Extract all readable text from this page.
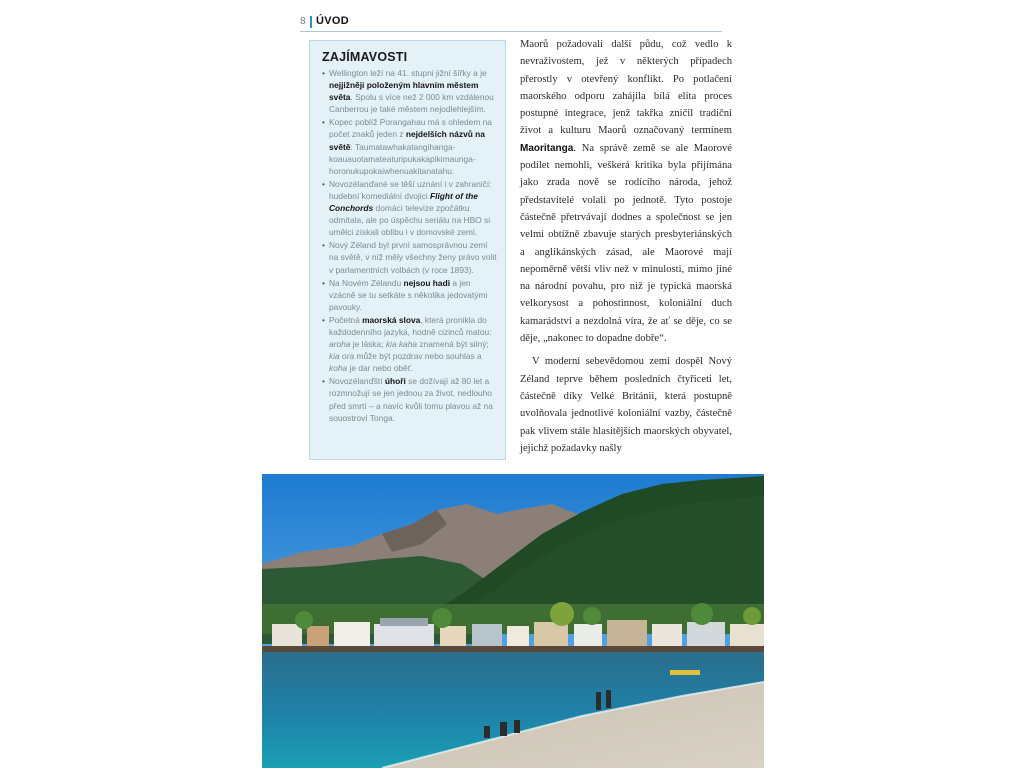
8 ÚVOD
ZAJÍMAVOSTI
• Wellington leží na 41. stupni jižní šířky a je nejjižněji položeným hlavním městem světa. Spolu s více než 2 000 km vzdálenou Canberrou je také městem nejodlehlejším.
• Kopec poblíž Porangahau má s ohledem na počet znaků jeden z nejdelších názvů na světě: Taumatawhakatangihanga-koauauotamateaturipukakapikimaunga-horonukupokaiwhenuakitanatahu.
• Novozélanďané se těší uznání i v zahraničí: hudební komediální dvojici Flight of the Conchords domácí televize zpočátku odmítala, ale po úspěchu seriálu na HBO si umělci získali oblibu i v domovské zemi.
• Nový Zéland byl první samosprávnou zemí na světě, v níž měly všechny ženy právo volit v parlamentních volbách (v roce 1893).
• Na Novém Zélandu nejsou hadi a jen vzácně se tu setkáte s několika jedovatými pavouky.
• Početná maorská slova, která pronikla do každodenního jazyka, hodně cizinců matou: aroha je láska; kia kaha znamená být silný; kia ora může být pozdrav nebo souhlas a koha je dar nebo oběť.
• Novozélanďští úhoři se dožívají až 80 let a rozmnožují se jen jednou za život, nedlouho před smrtí – a navíc kvůli tomu plavou až na souostroví Tonga.

Maorů požadovali další půdu, což vedlo k nevraživostem, jež v některých případech přerostly v otevřený konflikt. Po potlačení maorského odporu zahájila bílá elita proces postupné integrace, jenž takřka zničil tradiční život a kulturu Maorů označovaný termínem Maoritanga. Na správě země se ale Maorové podílet nemohli, veškerá kritika byla přijímána jako zrada nově se rodícího národa, jehož představitelé volali po jednotě. Tyto postoje částečně přetrvávají dodnes a společnost se jen velmi obtížně zbavuje starých presbyteriánských a anglikánských zásad, ale Maorové mají nepoměrně větší vliv než v minulosti, mimo jiné na národní povahu, pro niž je typická maorská velkorysost a pohostinnost, koloniální duch kamarádství a nezdolná víra, že ať se děje, co se děje, „nakonec to dopadne dobře“.

V moderní sebevědomou zemi dospěl Nový Zéland teprve během posledních čtyřiceti let, částečně díky Velké Británii, která postupně uvolňovala jednotlivé koloniální vazby, částečně pak vlivem stále hlasitějších maorských obyvatel, jejichž požadavky našly
